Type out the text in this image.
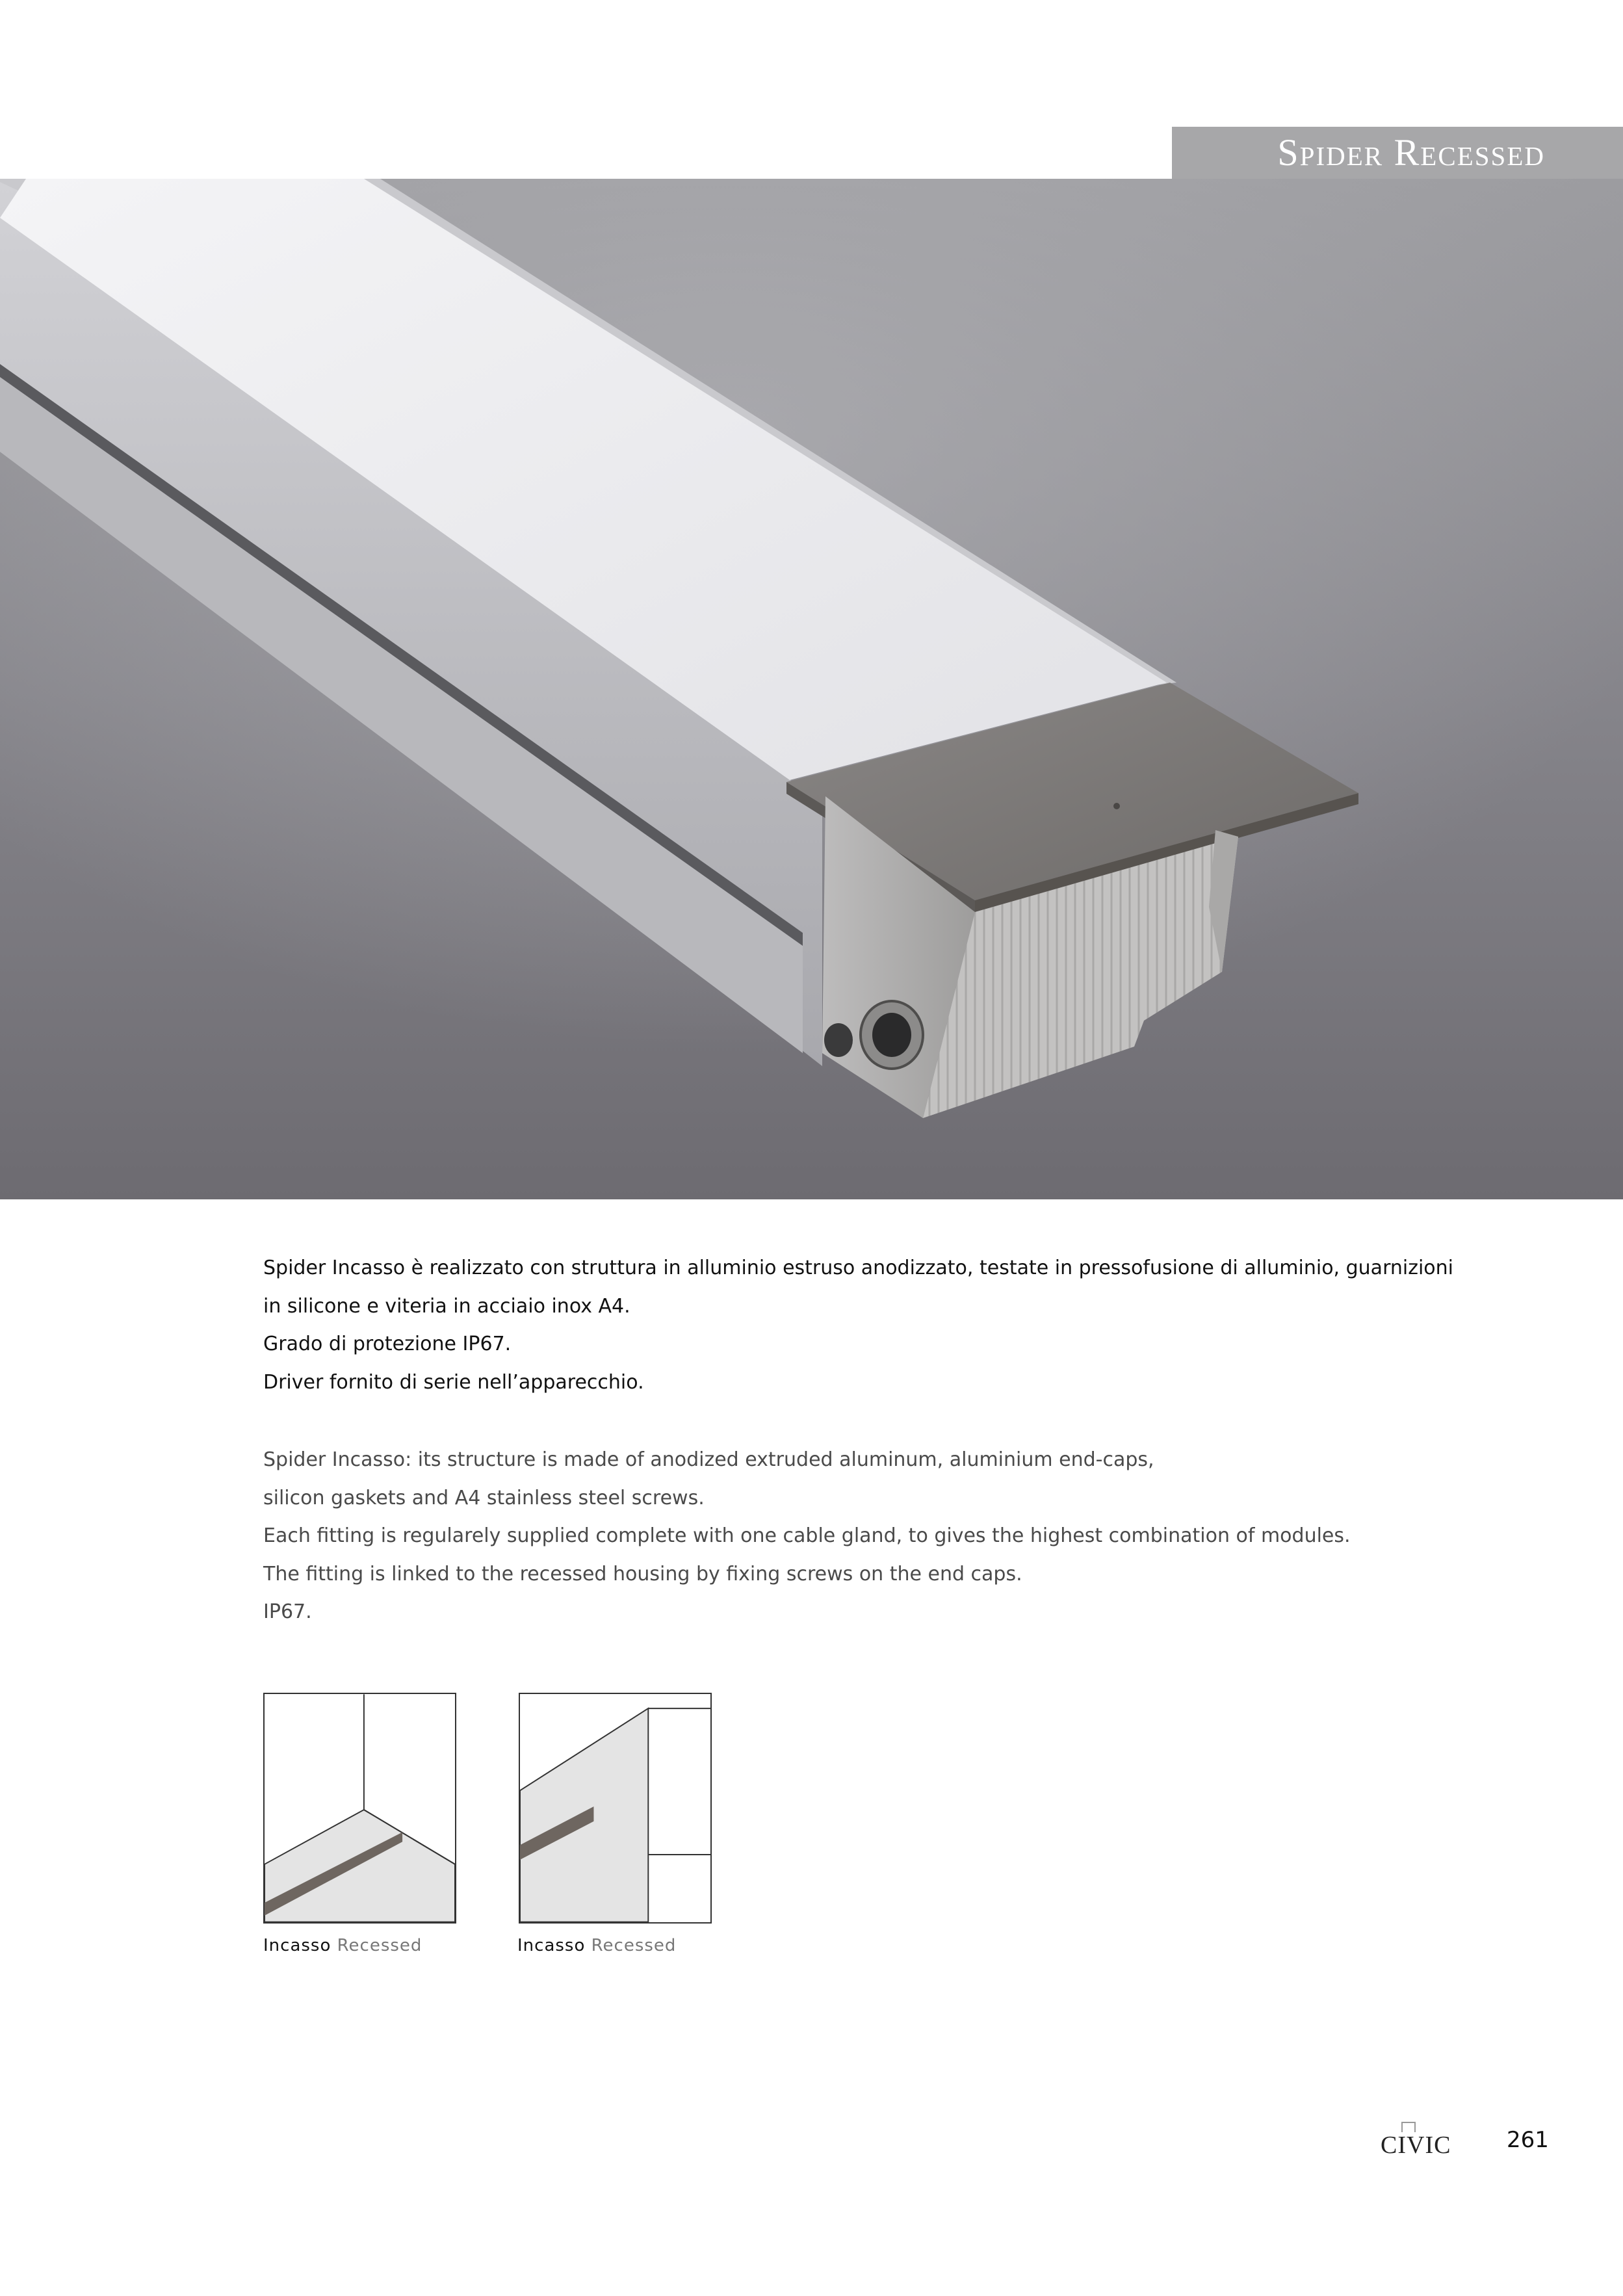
Spider Recessed

Spider Incasso è realizzato con struttura in alluminio estruso anodizzato, testate in pressofusione di alluminio, guarnizioni

in silicone e viteria in acciaio inox A4.

Grado di protezione IP67.

Driver fornito di serie nell’apparecchio.

Spider Incasso: its structure is made of anodized extruded aluminum, aluminium end-caps,

silicon gaskets and A4 stainless steel screws.

Each fitting is regularely supplied complete with one cable gland, to gives the highest combination of modules.

The fitting is linked to the recessed housing by fixing screws on the end caps.

IP67.

Incasso Recessed	Incasso Recessed
CIVIC	261
